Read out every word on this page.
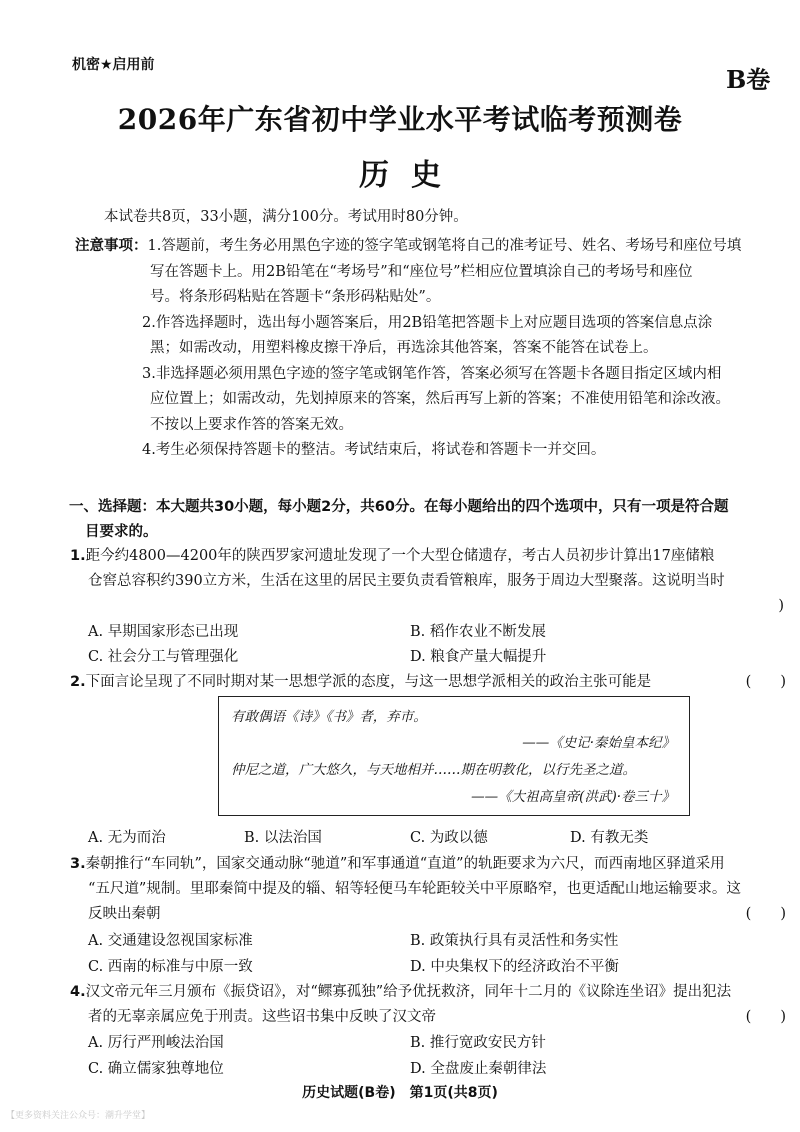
机密★启用前	B卷
2026年广东省初中学业水平考试临考预测卷
历史
本试卷共8页，33小题，满分100分。考试用时80分钟。
注意事项：1.答题前，考生务必用黑色字迹的签字笔或钢笔将自己的准考证号、姓名、考场号和座位号填
写在答题卡上。用2B铅笔在“考场号”和“座位号”栏相应位置填涂自己的考场号和座位
号。将条形码粘贴在答题卡“条形码粘贴处”。
2.作答选择题时，选出每小题答案后，用2B铅笔把答题卡上对应题目选项的答案信息点涂
黑；如需改动，用塑料橡皮擦干净后，再选涂其他答案，答案不能答在试卷上。
3.非选择题必须用黑色字迹的签字笔或钢笔作答，答案必须写在答题卡各题目指定区域内相
应位置上；如需改动，先划掉原来的答案，然后再写上新的答案；不准使用铅笔和涂改液。
不按以上要求作答的答案无效。
4.考生必须保持答题卡的整洁。考试结束后，将试卷和答题卡一并交回。
一、选择题：本大题共30小题，每小题2分，共60分。在每小题给出的四个选项中，只有一项是符合题
目要求的。
1.距今约4800—4200年的陕西罗家河遗址发现了一个大型仓储遗存，考古人员初步计算出17座储粮
仓窖总容积约390立方米，生活在这里的居民主要负责看管粮库，服务于周边大型聚落。这说明当时
)
A. 早期国家形态已出现	B. 稻作农业不断发展
C. 社会分工与管理强化	D. 粮食产量大幅提升
2.下面言论呈现了不同时期对某一思想学派的态度，与这一思想学派相关的政治主张可能是	(　　)
有敢偶语《诗》《书》者，弃市。
——《史记·秦始皇本纪》
仲尼之道，广大悠久，与天地相并……期在明教化，以行先圣之道。
——《大祖高皇帝(洪武)·卷三十》
A. 无为而治	B. 以法治国	C. 为政以德	D. 有教无类
3.秦朝推行“车同轨”，国家交通动脉“驰道”和军事通道“直道”的轨距要求为六尺，而西南地区驿道采用
“五尺道”规制。里耶秦简中提及的辎、轺等轻便马车轮距较关中平原略窄，也更适配山地运输要求。这
反映出秦朝	(　　)
A. 交通建设忽视国家标准	B. 政策执行具有灵活性和务实性
C. 西南的标准与中原一致	D. 中央集权下的经济政治不平衡
4.汉文帝元年三月颁布《振贷诏》，对“鳏寡孤独”给予优抚救济，同年十二月的《议除连坐诏》提出犯法
者的无辜亲属应免于刑责。这些诏书集中反映了汉文帝	(　　)
A. 厉行严刑峻法治国	B. 推行宽政安民方针
C. 确立儒家独尊地位	D. 全盘废止秦朝律法
历史试题(B卷)　第1页(共8页)
【更多资料关注公众号：潮升学堂】
